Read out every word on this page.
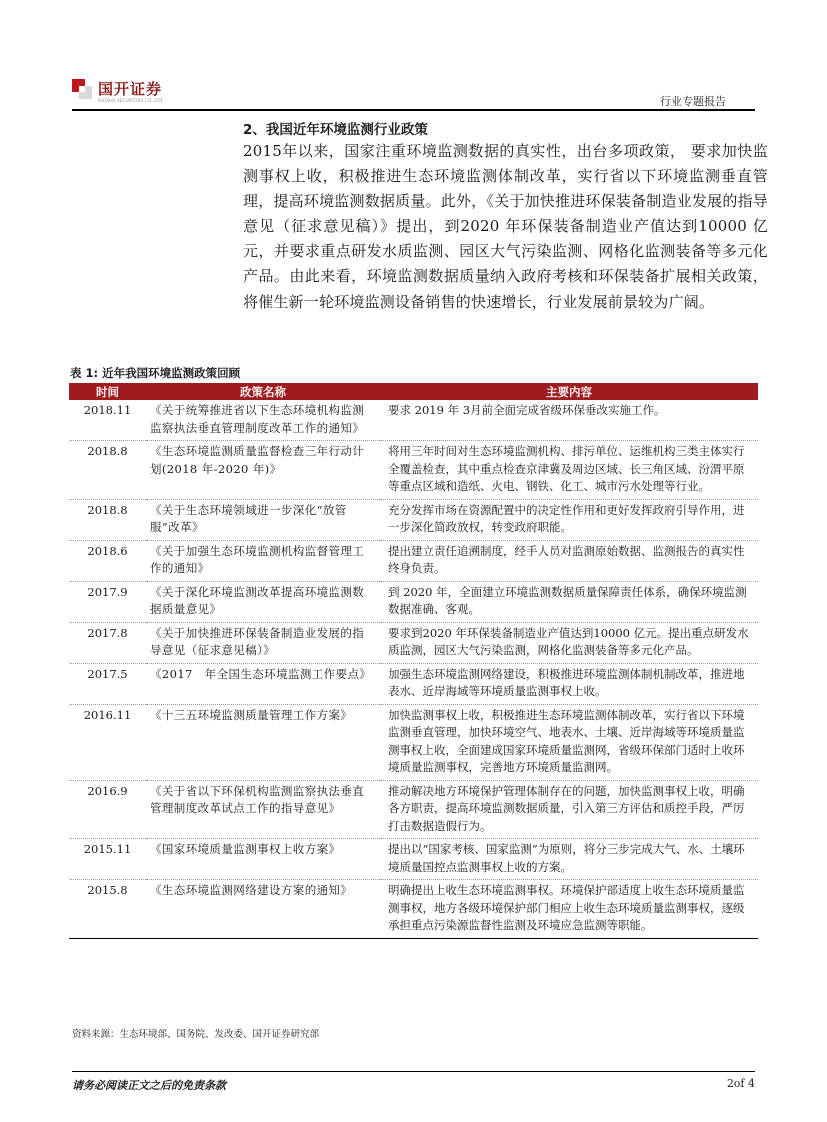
国开证券
GUOKAI SECURITIES CO.,LTD.	行业专题报告
2、我国近年环境监测行业政策

2015年以来，国家注重环境监测数据的真实性，出台多项政策， 要求加快监测事权上收，积极推进生态环境监测体制改革，实行省以下环境监测垂直管理，提高环境监测数据质量。此外，《关于加快推进环保装备制造业发展的指导意见（征求意见稿）》提出，到2020 年环保装备制造业产值达到10000 亿元，并要求重点研发水质监测、园区大气污染监测、网格化监测装备等多元化产品。由此来看，环境监测数据质量纳入政府考核和环保装备扩展相关政策，将催生新一轮环境监测设备销售的快速增长，行业发展前景较为广阔。

表 1: 近年我国环境监测政策回顾
时间	政策名称	主要内容
2018.11	《关于统筹推进省以下生态环境机构监测监察执法垂直管理制度改革工作的通知》	要求 2019 年 3月前全面完成省级环保垂改实施工作。
2018.8	《生态环境监测质量监督检查三年行动计划(2018 年-2020 年)》	将用三年时间对生态环境监测机构、排污单位、运维机构三类主体实行全覆盖检查，其中重点检查京津冀及周边区域、长三角区域、汾渭平原等重点区域和造纸、火电、钢铁、化工、城市污水处理等行业。
2018.8	《关于生态环境领域进一步深化“放管服”改革》	充分发挥市场在资源配置中的决定性作用和更好发挥政府引导作用，进一步深化简政放权，转变政府职能。
2018.6	《关于加强生态环境监测机构监督管理工作的通知》	提出建立责任追溯制度，经手人员对监测原始数据、监测报告的真实性终身负责。
2017.9	《关于深化环境监测改革提高环境监测数据质量意见》	到 2020 年，全面建立环境监测数据质量保障责任体系，确保环境监测数据准确、客观。
2017.8	《关于加快推进环保装备制造业发展的指导意见（征求意见稿）》	要求到2020 年环保装备制造业产值达到10000 亿元。提出重点研发水质监测，园区大气污染监测，网格化监测装备等多元化产品。
2017.5	《2017　年全国生态环境监测工作要点》	加强生态环境监测网络建设，积极推进环境监测体制机制改革，推进地表水、近岸海域等环境质量监测事权上收。
2016.11	《十三五环境监测质量管理工作方案》	加快监测事权上收，积极推进生态环境监测体制改革，实行省以下环境监测垂直管理，加快环境空气、地表水、土壤、近岸海域等环境质量监测事权上收，全面建成国家环境质量监测网，省级环保部门适时上收环境质量监测事权，完善地方环境质量监测网。
2016.9	《关于省以下环保机构监测监察执法垂直管理制度改革试点工作的指导意见》	推动解决地方环境保护管理体制存在的问题，加快监测事权上收，明确各方职责，提高环境监测数据质量，引入第三方评估和质控手段，严厉打击数据造假行为。
2015.11	《国家环境质量监测事权上收方案》	提出以“国家考核、国家监测”为原则，将分三步完成大气、水、土壤环境质量国控点监测事权上收的方案。
2015.8	《生态环境监测网络建设方案的通知》	明确提出上收生态环境监测事权。环境保护部适度上收生态环境质量监测事权，地方各级环境保护部门相应上收生态环境质量监测事权，逐级承担重点污染源监督性监测及环境应急监测等职能。
资料来源：生态环境部、国务院、发改委、国开证券研究部
请务必阅读正文之后的免责条款	2of 4
